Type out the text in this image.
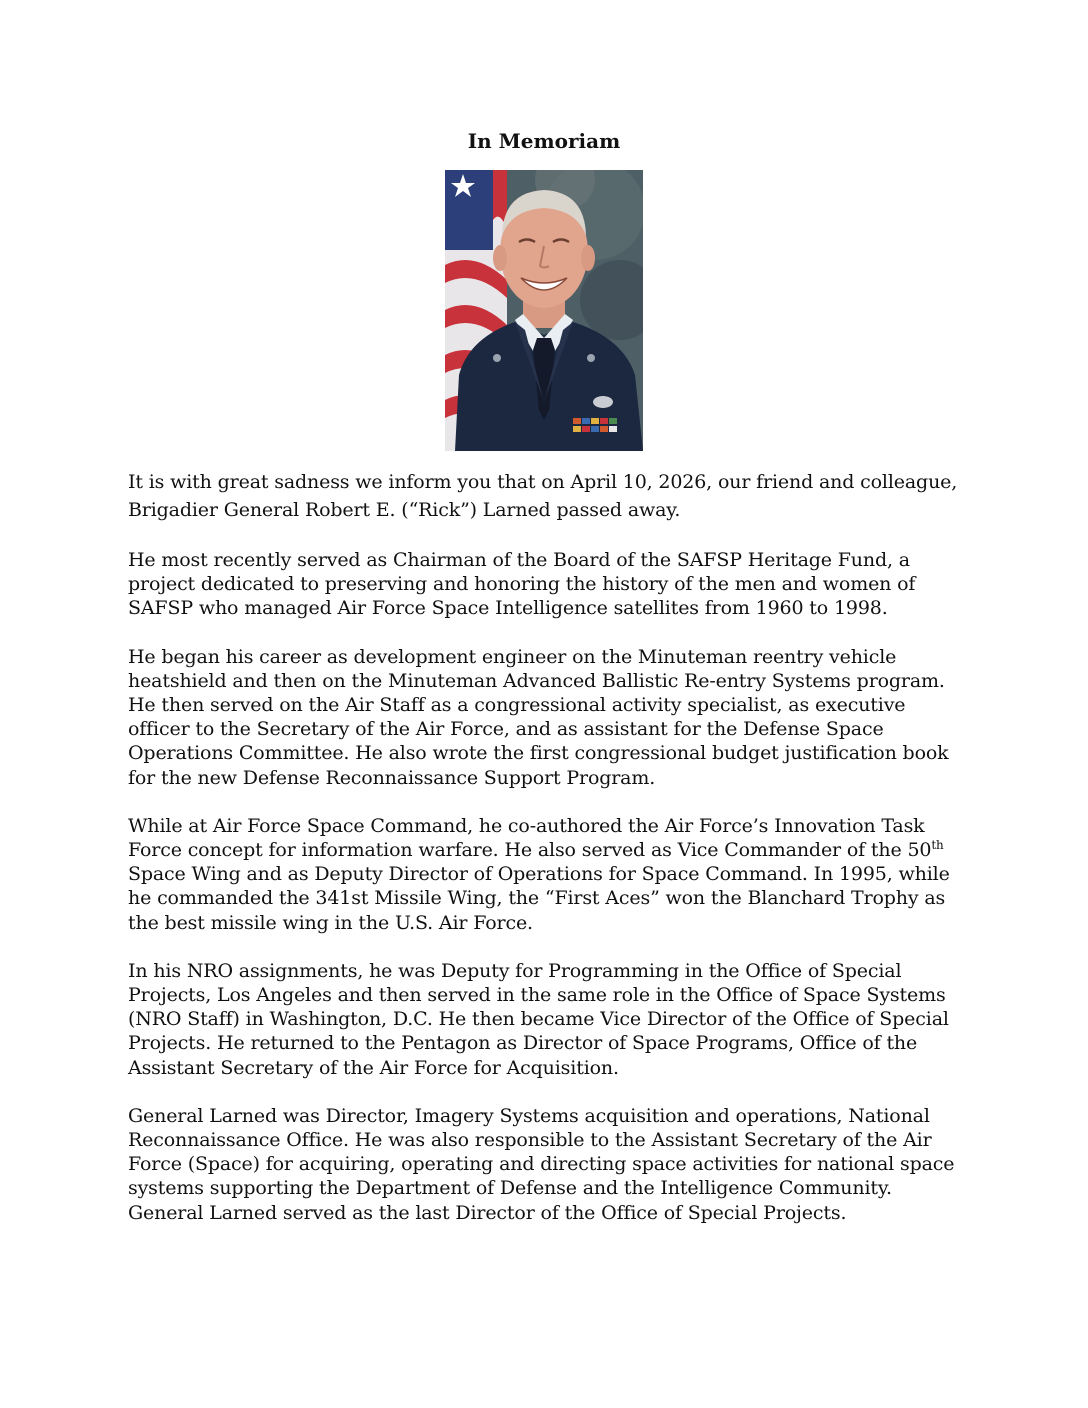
In Memoriam

It is with great sadness we inform you that on April 10, 2026, our friend and colleague, Brigadier General Robert E. (“Rick”) Larned passed away.

He most recently served as Chairman of the Board of the SAFSP Heritage Fund, a project dedicated to preserving and honoring the history of the men and women of SAFSP who managed Air Force Space Intelligence satellites from 1960 to 1998.

He began his career as development engineer on the Minuteman reentry vehicle heatshield and then on the Minuteman Advanced Ballistic Re-entry Systems program. He then served on the Air Staff as a congressional activity specialist, as executive officer to the Secretary of the Air Force, and as assistant for the Defense Space Operations Committee. He also wrote the first congressional budget justification book for the new Defense Reconnaissance Support Program.

While at Air Force Space Command, he co-authored the Air Force’s Innovation Task Force concept for information warfare. He also served as Vice Commander of the 50th Space Wing and as Deputy Director of Operations for Space Command. In 1995, while he commanded the 341st Missile Wing, the “First Aces” won the Blanchard Trophy as the best missile wing in the U.S. Air Force.

In his NRO assignments, he was Deputy for Programming in the Office of Special Projects, Los Angeles and then served in the same role in the Office of Space Systems (NRO Staff) in Washington, D.C. He then became Vice Director of the Office of Special Projects. He returned to the Pentagon as Director of Space Programs, Office of the Assistant Secretary of the Air Force for Acquisition.

General Larned was Director, Imagery Systems acquisition and operations, National Reconnaissance Office. He was also responsible to the Assistant Secretary of the Air Force (Space) for acquiring, operating and directing space activities for national space systems supporting the Department of Defense and the Intelligence Community. General Larned served as the last Director of the Office of Special Projects.
